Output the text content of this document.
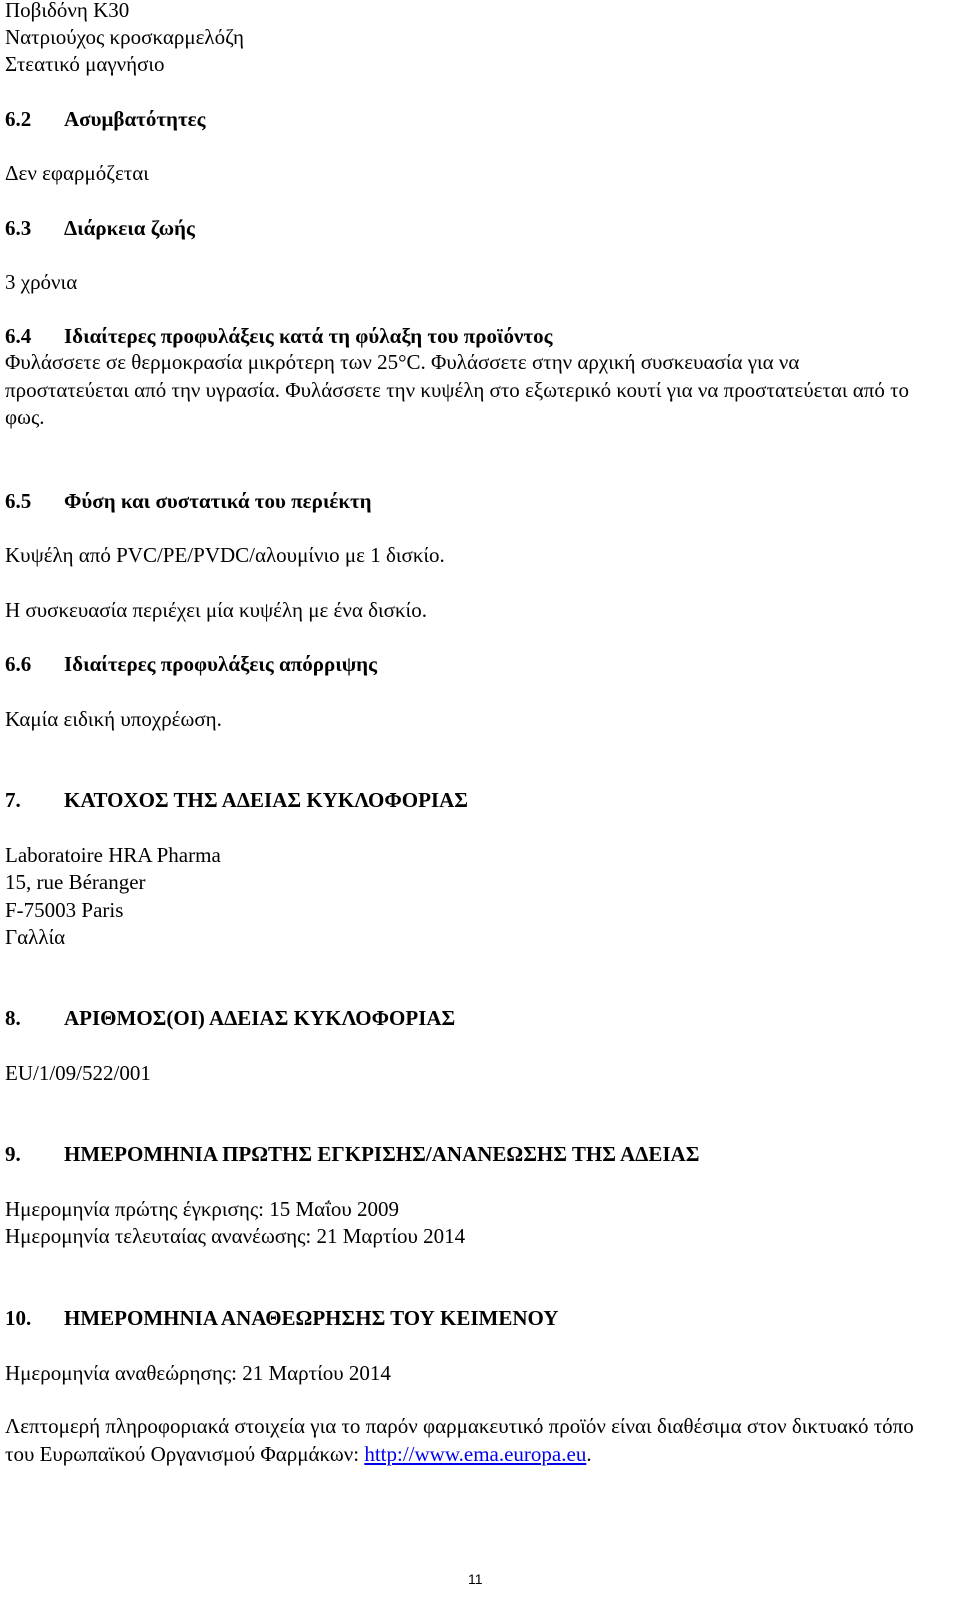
Ποβιδόνη K30
Νατριούχος κροσκαρμελόζη
Στεατικό μαγνήσιο
6.2 Ασυμβατότητες
Δεν εφαρμόζεται
6.3 Διάρκεια ζωής
3 χρόνια
6.4 Ιδιαίτερες προφυλάξεις κατά τη φύλαξη του προϊόντος
Φυλάσσετε σε θερμοκρασία μικρότερη των 25°C. Φυλάσσετε στην αρχική συσκευασία για να προστατεύεται από την υγρασία. Φυλάσσετε την κυψέλη στο εξωτερικό κουτί για να προστατεύεται από το φως.
6.5 Φύση και συστατικά του περιέκτη
Κυψέλη από PVC/PE/PVDC/αλουμίνιο με 1 δισκίο.
Η συσκευασία περιέχει μία κυψέλη με ένα δισκίο.
6.6 Ιδιαίτερες προφυλάξεις απόρριψης
Καμία ειδική υποχρέωση.
7. ΚΑΤΟΧΟΣ ΤΗΣ ΑΔΕΙΑΣ ΚΥΚΛΟΦΟΡΙΑΣ
Laboratoire HRA Pharma
15, rue Béranger
F-75003 Paris
Γαλλία
8. ΑΡΙΘΜΟΣ(ΟΙ) ΑΔΕΙΑΣ ΚΥΚΛΟΦΟΡΙΑΣ
EU/1/09/522/001
9. ΗΜΕΡΟΜΗΝΙΑ ΠΡΩΤΗΣ ΕΓΚΡΙΣΗΣ/ΑΝΑΝΕΩΣΗΣ ΤΗΣ ΑΔΕΙΑΣ
Ημερομηνία πρώτης έγκρισης: 15 Μαΐου 2009
Ημερομηνία τελευταίας ανανέωσης: 21 Μαρτίου 2014
10. ΗΜΕΡΟΜΗΝΙΑ ΑΝΑΘΕΩΡΗΣΗΣ ΤΟΥ ΚΕΙΜΕΝΟΥ
Ημερομηνία αναθεώρησης: 21 Μαρτίου 2014
Λεπτομερή πληροφοριακά στοιχεία για το παρόν φαρμακευτικό προϊόν είναι διαθέσιμα στον δικτυακό τόπο του Ευρωπαϊκού Οργανισμού Φαρμάκων: http://www.ema.europa.eu.
11
